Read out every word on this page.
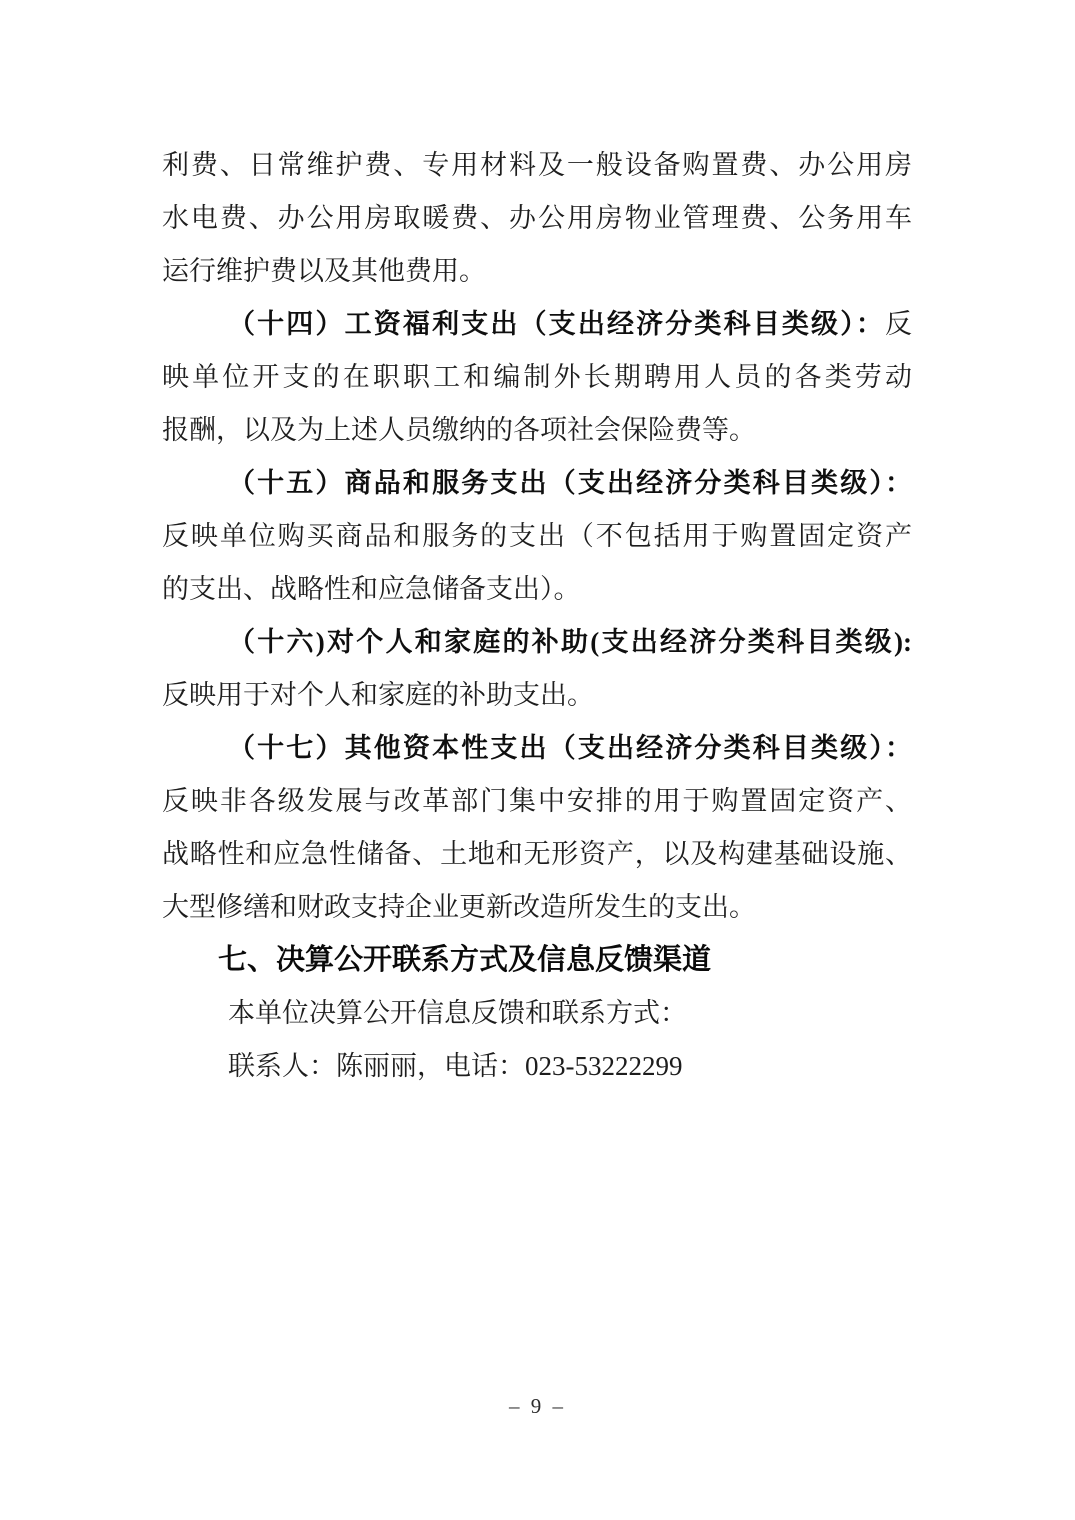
利费、日常维护费、专用材料及一般设备购置费、办公用房
水电费、办公用房取暖费、办公用房物业管理费、公务用车
运行维护费以及其他费用。
（十四）工资福利支出（支出经济分类科目类级）：反
映单位开支的在职职工和编制外长期聘用人员的各类劳动
报酬，以及为上述人员缴纳的各项社会保险费等。
（十五）商品和服务支出（支出经济分类科目类级）：
反映单位购买商品和服务的支出（不包括用于购置固定资产
的支出、战略性和应急储备支出）。
（十六)对个人和家庭的补助(支出经济分类科目类级):
反映用于对个人和家庭的补助支出。
（十七）其他资本性支出（支出经济分类科目类级）：
反映非各级发展与改革部门集中安排的用于购置固定资产、
战略性和应急性储备、土地和无形资产，以及构建基础设施、
大型修缮和财政支持企业更新改造所发生的支出。
七、决算公开联系方式及信息反馈渠道
本单位决算公开信息反馈和联系方式：
联系人：陈丽丽，电话：023-53222299
– 9 –
